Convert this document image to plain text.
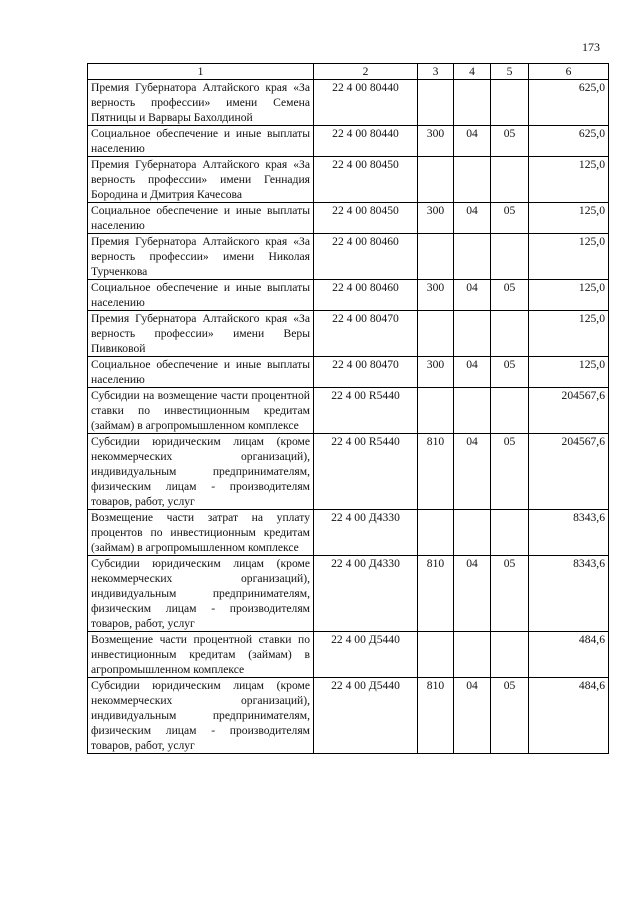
173
1	2	3	4	5	6
Премия Губернатора Алтайского края «За верность профессии» имени Семена Пятницы и Варвары Бахолдиной	22 4 00 80440				625,0
Социальное обеспечение и иные выплаты населению	22 4 00 80440	300	04	05	625,0
Премия Губернатора Алтайского края «За верность профессии» имени Геннадия Бородина и Дмитрия Качесова	22 4 00 80450				125,0
Социальное обеспечение и иные выплаты населению	22 4 00 80450	300	04	05	125,0
Премия Губернатора Алтайского края «За верность профессии» имени Николая Турченкова	22 4 00 80460				125,0
Социальное обеспечение и иные выплаты населению	22 4 00 80460	300	04	05	125,0
Премия Губернатора Алтайского края «За верность профессии» имени Веры Пивиковой	22 4 00 80470				125,0
Социальное обеспечение и иные выплаты населению	22 4 00 80470	300	04	05	125,0
Субсидии на возмещение части процентной ставки по инвестиционным кредитам (займам) в агропромышленном комплексе	22 4 00 R5440				204567,6
Субсидии юридическим лицам (кроме некоммерческих организаций), индивидуальным предпринимателям, физическим лицам - производителям товаров, работ, услуг	22 4 00 R5440	810	04	05	204567,6
Возмещение части затрат на уплату процентов по инвестиционным кредитам (займам) в агропромышленном комплексе	22 4 00 Д4330				8343,6
Субсидии юридическим лицам (кроме некоммерческих организаций), индивидуальным предпринимателям, физическим лицам - производителям товаров, работ, услуг	22 4 00 Д4330	810	04	05	8343,6
Возмещение части процентной ставки по инвестиционным кредитам (займам) в агропромышленном комплексе	22 4 00 Д5440				484,6
Субсидии юридическим лицам (кроме некоммерческих организаций), индивидуальным предпринимателям, физическим лицам - производителям товаров, работ, услуг	22 4 00 Д5440	810	04	05	484,6
